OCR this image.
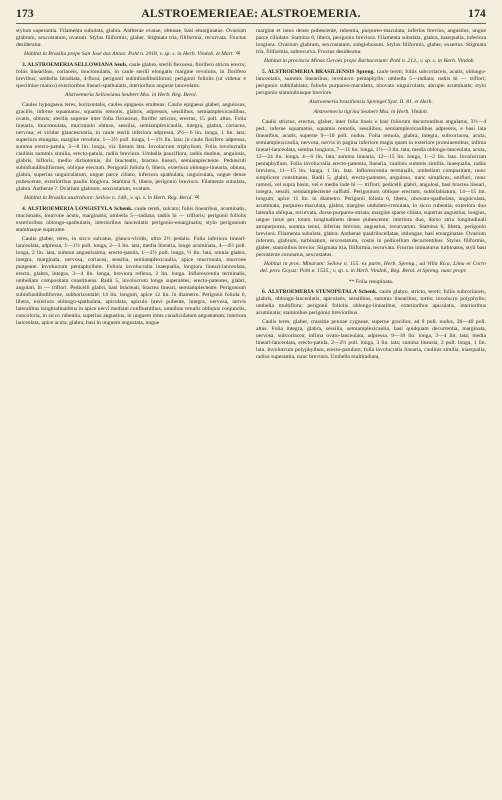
173	ALSTROEMERIEAE: ALSTROEMERIA.	174

stylum superantia. Filamenta subulata, glabra. Antherae ovatae, obtusae, basi emarginatae. Ovarium glabrum, sexcostatum, ovatum. Stylus filiformis, glaber. Stigmata tria, filiformia, recurvata. Fructus desideratur.

Habitat in Brasilia prope San José das Antas: Pohl n. 2018, v. sp. s. in Herb. Vindob. et Mart. ♃

3. ALSTROEMERIA SELLOWIANA Seub. caule glabro, sterili flexuoso, florifero stricto erecto; foliis linearibus, coriaceis, mucronulatis, in caule sterili elongatis margine revolutis, in florifero brevibus; umbella biradiata, 4-flora; perigonii subinfundibuliformi; perigonii foliolis (ut videtur e specimine manco) exterioribus lineari-spathulatis, interioribus anguste lanceolatis.

Alstroemeria Sellowiana Seubert Mss. in Herb. Reg. Berol.

Caules hypogaeus teres, horizontalis, caules epigaeos emittens. Caulis epigaeus glaber, angulosus, gracilis, inferne squamatus, squamis remotis, glabris, adpressis, sessilibus, semiamplexicaulibus, ovatis, obtusis; sterilis superne inter folia flexuosus, florifer strictus, erectus, 15 poll. altus. Folia linearia, mucronulata, mucronulo obtuso, sessilia, semiamplexicaulia, integra, glabra, coriacea, nervosa, et viridur glaucescentia, in caule sterili inferiora adpressa, 2½—6 lin. longa, 1 lin. lata; superiora elongata, margine revoluta, 1—3½ poll. longa, 1—1½ lin. lata; in caule florifero adpressa, summa erecto-patula, 3—8 lin. longa, vix lineam lata. Involucrum triphyllum. Folia involucralia caulinis summis similia, erecto-patula, radiis breviora. Umbella pauciflora, radiis duobus, angulosis, glabris, bifloris, medio dichotomis, ibi bracteatis, bractea lineari, semiamplectente. Pedunculi subinfundibuliformes, oblique erectum. Perigonii foliola 6, libera, exteriora oblongo-linearia, obtusa, glabra, superius unguiculatum, ungue parce ciliato, inferiora spathulata, unguiculata, ungue dense pubescente, exterioribus paullo longiora. Stamina 6, libera, perigonio breviora. Filamenta subulata, glabra. Antherae ?. Ovarium glabrum, sexcostatum, ovatum.

Habitat in Brasilia australiore: Sellow n. 148., v. sp. s. in Herb. Reg. Berol. ♃

4. ALSTROEMERIA LONGISTYLA Schenk. caule tereti, sulcato; foliis linearibus, acuminatis, mucronatis, mucrone acuto, marginatis; umbella 5—radiata; radiis bi — trifloris; perigonii foliolis exterioribus oblongo-spathulatis, interioribus lanceolatis perigonio-emarginatis; stylo perigonium staminaque superante.

Caulis glaber, teres, in sicco sulcatus, glauco-viridis, ultra 2½ pedalis. Folia inferiora lineari-lanceolata, adpressa, 1—1½ poll. longa, 2—3 lin. lata, media linearia, longe acuminata, 4—4½ poll. longa, 2 lin. lata, summa angustissima, erecto-patula, 1—2½ poll. longa, ½ lin. lata, omnia glabra, integra, marginata, nervosa, coriacea, sessilia, semiamplexicaulia, apice mucronata, mucrone pungente. Involucrum pentaphyllum. Foliola involucralia inaequalia, longiora lineari-lanceolata, erecta, glabra, integra, 3—4 lin. longa, breviora reflexa, 2 lin. longa. Inflorescentia terminalis, umbellam compositam constituens. Radii 5, involucrum longe superantes, erecto-patentes, glabri, angulati, bi — triflori. Pedicelli glabri, basi bracteati, bractea lineari, semiamplectente. Perigonium subinfundibuliforme, subhorizontale; 14 lin. longum, apice 12 lin. in diametro. Perigonii foliola 6, libera, exteriora oblongo-spathulata, apiculata, apiculo brevi pubente, integra, nervosa, nervis lateralibus longitudinalibus in apice nervi mediani confluentibus, omnibus venulis obliquis conjunctis, concoloria, in sicco rubentia, superius angustius, in unguem intus canaliculatum angustatum; interiora lanceolata, apice acuta, glabra, basi in unguem angustata, ungue

margine et intus dense pubescente, rubentia, purpureo-maculata; inferius brevius, angustius, ungue parce ciliolato. Stamina 6, libera, perigonio breviora. Filamenta subulata, glabra, inaequalia, inferiora longiora. Ovarium glabrum, sexcostatum, subglobosum. Stylus filiformis, glaber, exsertus. Stigmata tria, filiformia, subrecurva. Fructus desideratur.

Habitat in provincia Minas Geraës prope Barbacenam: Pohl n. 213., v. sp. s. in Herb. Vindob.

5. ALSTROEMERIA BRASILIENSIS Spreng. caule tereti; foliis subcoriaceis, acutis, oblongo-lanceolatis, summis linearibus; involucro pentaphyllo; umbella 5—radiata; radiis bi — triflori; perigonio subbilabiato; foliolis purpureo-maculatis, obovato unguiculatis, abrupte acuminatis; stylo perigonio staminibusque breviore.

Alstroemeria brasiliensis Sprengel Syst. II. 81. et Herb.

Alstroemeria tigrina Seubert Mss. in Herb. Vindob.

Caulis strictus, erectus, glaber, inter folia lineis e basi foliorum decurrentibus angulatus, 3½—4 ped., inferne squamatus, squamis remotis, sessilibus, semiamplexicaulibus adpressis, e basi lata linearibus, acutis, superne 9—10 poll. nudus. Folia remota, glabra, integra, subcoriacea, acuta, semiamplexicaulia, nervosa, nervis in pagina inferiore magis quam in exteriore prominentibus, infima lineari-lanceolata, semina longiora, 7—11 lin. longa, 1½—3 lin. lata, media oblongo-lanceolata, acuta, 12—24 lin. longa, 4—6 lin. lata, summa linearia, 12—15 lin. longa, 1—2 lin. lata. Involucrum pentaphyllum. Folia involucralia erecto-patentia, linearia, caulinis summis similia, inaequalia, radiis breviora, 11—15 lin. longa, 1 lin. lata. Inflorescentia terminalis, umbellam compositam, nunc simplicem constituens. Radii 5, glabri, erecto-patentes, anguloso, nunc simplices, uniflori, nunc ramosi, vel supra basin, vel e media inde bi — triflori; pedicelli glabri, angulosi, basi bractea lineari, integra, sessili, semiamplectente suffulti. Perigonium oblique erectum, subbilabiatum, 14—15 lin. longum, apice 11 lin. in diametro. Perigonii foliola 6, libera, obovato-spathulata, unguiculata, acuminata, purpureo-maculata, glabra, margine undulato-crenulata, in sicco rubentia, exteriora duo lateralia obliqua, recurvata, dorso purpureo-striata, margine sparse ciliata, superius angustius, longius, ungue intus per totam longitudinem dense pubescente; interiora duo, dorso stria longitudinali atropurpurea, summa tenui, inferius brevius, angustius, recurvatum. Stamina 6, libera, perigonio breviora. Filamenta subulata, glabra. Antherae quadrilocellatae, oblongae, basi emarginatae. Ovarium inferum, glabrum, turbinatum, sexcostatum, costis in pedicellum decurrentibus. Stylus filiformis, glaber, staminibus brevior. Stigmata tria, filiformia, recurvata. Fructus immaturus turbinatus, styli basi persistente coronatus, sexcostatus.

Habitat in prov. Minarum: Sellow n. 155. ex parte, Herb. Spreng.; ad Villa Rica, Lima et Corro del. prov. Goyaz: Pohl n. 1535.; v. sp. s. in Herb. Vindob., Reg. Berol. et Spreng. nunc propr.

** Folia resupinata.

6. ALSTROEMERIA STENOPETALA Schenk. caule glabro, stricto, tereti; foliis subcoriaceis, glabris, oblongo-lanceolatis, apiculatis, sessilibus, summis linearibus, tortis; involucro polyphyllo; umbella multiflora; perigonii foliolis oblongo-linearibus, exterioribus apiculatis, interioribus acuminatis; staminibus perigonio brevioribus.

Caulis teres, glaber, crassitie pennae cygneae, superne gracilior, ad 8 poll. nudus, 36—40 poll. altus. Folia integra, glabra, sessilia, semiamplexicaulia, basi quidquam decurrentia, marginata, nervosa, subcoriacea; infima ovato-lanceolata, adpressa, 9—18 lin. longa, 3—4 lin. lata; media lineari-lanceolata, erecto-patula, 2—2½ poll. longa, 3 lin. lata; summa linearia, 2 poll. longa, 1 lin. lata. Involucrum polyphyllum, erecto-patulum; folia involucralia linearia, caulinis similia, inaequalia, radios superantia, nunc breviora. Umbella multiradiata,
